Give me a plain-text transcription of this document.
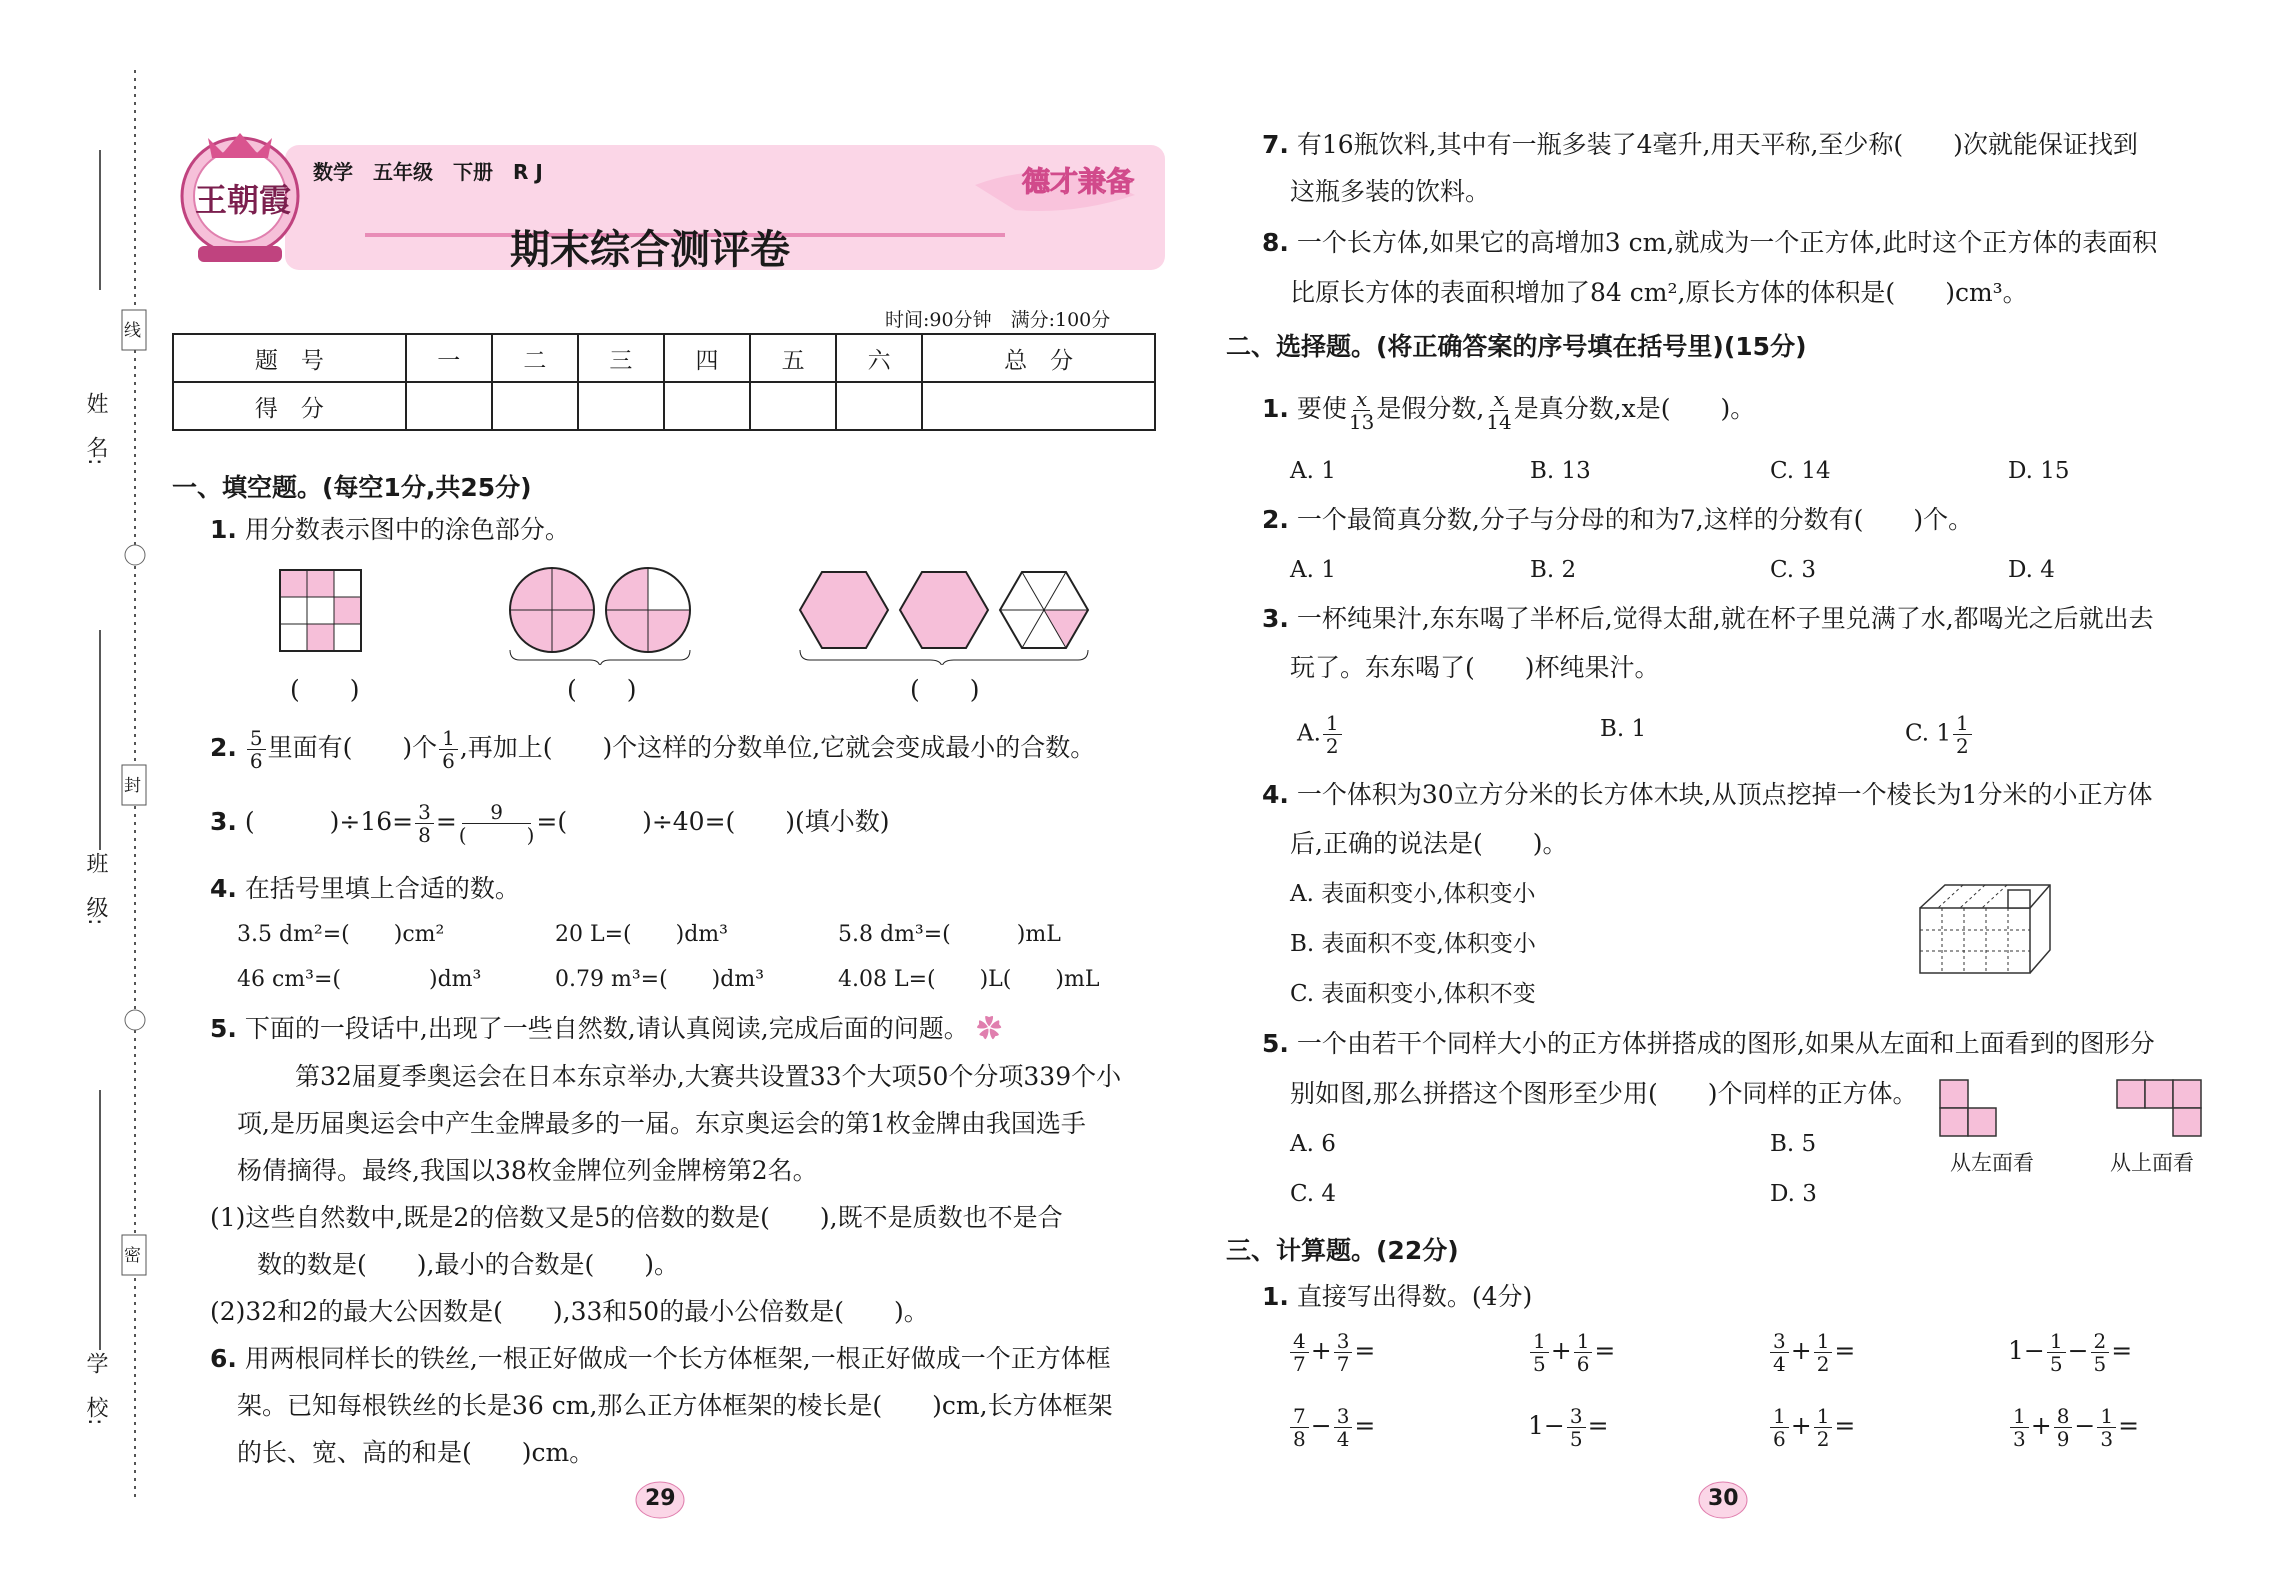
姓　名:
班　级:
学　校:
线
封
密
王朝霞
数学　五年级　下册　R J
期末综合测评卷
德才兼备
时间:90分钟　满分:100分
题　号	一	二	三	四	五	六	总　分
得　分							
一、填空题。(每空1分,共25分)
1. 用分数表示图中的涂色部分。
(　　)	(　　)	(　　)
2. $\frac{5}{6}$ 里面有(　　)个 $\frac{1}{6}$ ,再加上(　　)个这样的分数单位,它就会变成最小的合数。
3. (　　　)$\div 16= \frac{3}{8} = \frac{9}{( )}$ =(　　　)÷40=(　　)(填小数)
4. 在括号里填上合适的数。
3.5 dm²=(　　)cm²	20 L=(　　)dm³	5.8 dm³=(　　　)mL
46 cm³=(　　　　)dm³	0.79 m³=(　　)dm³	4.08 L=(　　)L(　　)mL
5. 下面的一段话中,出现了一些自然数,请认真阅读,完成后面的问题。 ✿
第32届夏季奥运会在日本东京举办,大赛共设置33个大项50个分项339个小
项,是历届奥运会中产生金牌最多的一届。东京奥运会的第1枚金牌由我国选手
杨倩摘得。最终,我国以38枚金牌位列金牌榜第2名。
(1)这些自然数中,既是2的倍数又是5的倍数的数是(　　),既不是质数也不是合
数的数是(　　),最小的合数是(　　)。
(2)32和2的最大公因数是(　　),33和50的最小公倍数是(　　)。
6. 用两根同样长的铁丝,一根正好做成一个长方体框架,一根正好做成一个正方体框
架。已知每根铁丝的长是36 cm,那么正方体框架的棱长是(　　)cm,长方体框架
的长、宽、高的和是(　　)cm。
29
7. 有16瓶饮料,其中有一瓶多装了4毫升,用天平称,至少称(　　)次就能保证找到
这瓶多装的饮料。
8. 一个长方体,如果它的高增加3 cm,就成为一个正方体,此时这个正方体的表面积
比原长方体的表面积增加了84 cm²,原长方体的体积是(　　)cm³。
二、选择题。(将正确答案的序号填在括号里)(15分)
1. 要使 $\frac{x}{13}$ 是假分数, $\frac{x}{14}$ 是真分数,x是(　　)。
A. 1	B. 13	C. 14	D. 15
2. 一个最简真分数,分子与分母的和为7,这样的分数有(　　)个。
A. 1	B. 2	C. 3	D. 4
3. 一杯纯果汁,东东喝了半杯后,觉得太甜,就在杯子里兑满了水,都喝光之后就出去
玩了。东东喝了(　　)杯纯果汁。
A. $\frac{1}{2}$	B. 1	C. $1 \frac{1}{2}$
4. 一个体积为30立方分米的长方体木块,从顶点挖掉一个棱长为1分米的小正方体
后,正确的说法是(　　)。
A. 表面积变小,体积变小
B. 表面积不变,体积变小
C. 表面积变小,体积不变
5. 一个由若干个同样大小的正方体拼搭成的图形,如果从左面和上面看到的图形分
别如图,那么拼搭这个图形至少用(　　)个同样的正方体。
A. 6	B. 5
C. 4	D. 3
从左面看	从上面看
三、计算题。(22分)
1. 直接写出得数。(4分)
$\frac{4}{7} + \frac{3}{7}$ =	$\frac{1}{5} + \frac{1}{6}$ =	$\frac{3}{4} + \frac{1}{2}$ =	$1- \frac{1}{5} - \frac{2}{5}$ =
$\frac{7}{8} - \frac{3}{4}$ =	$1- \frac{3}{5}$ =	$\frac{1}{6} + \frac{1}{2}$ =	$\frac{1}{3} + \frac{8}{9} - \frac{1}{3}$ =
30
